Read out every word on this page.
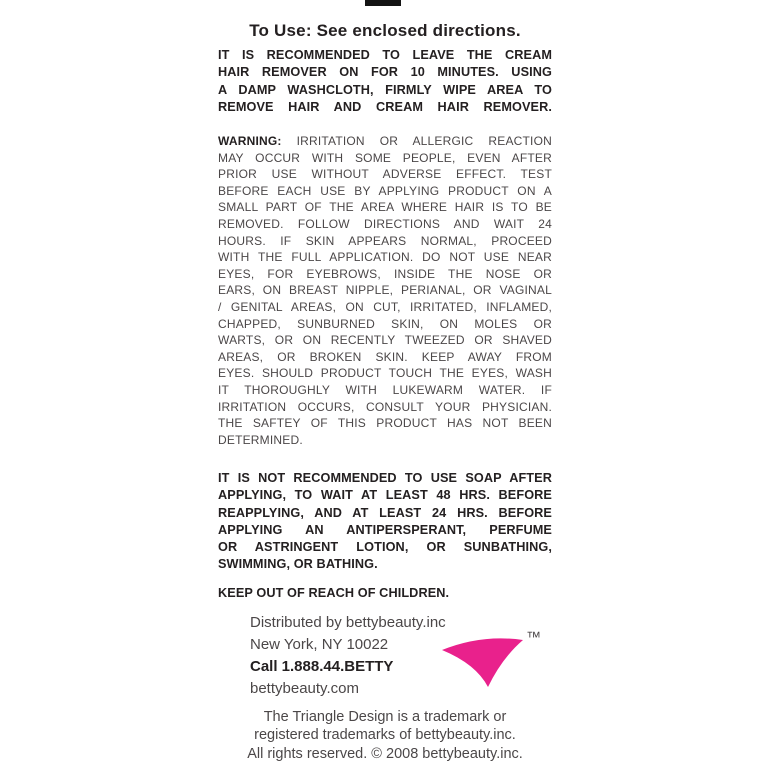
To Use: See enclosed directions.
IT IS RECOMMENDED TO LEAVE THE CREAM
HAIR REMOVER ON FOR 10 MINUTES. USING
A DAMP WASHCLOTH, FIRMLY WIPE AREA TO
REMOVE HAIR AND CREAM HAIR REMOVER.
WARNING: IRRITATION OR ALLERGIC REACTION
MAY OCCUR WITH SOME PEOPLE, EVEN AFTER
PRIOR USE WITHOUT ADVERSE EFFECT. TEST
BEFORE EACH USE BY APPLYING PRODUCT ON A
SMALL PART OF THE AREA WHERE HAIR IS TO BE
REMOVED. FOLLOW DIRECTIONS AND WAIT 24
HOURS. IF SKIN APPEARS NORMAL, PROCEED
WITH THE FULL APPLICATION. DO NOT USE NEAR
EYES, FOR EYEBROWS, INSIDE THE NOSE OR
EARS, ON BREAST NIPPLE, PERIANAL, OR VAGINAL
/ GENITAL AREAS, ON CUT, IRRITATED, INFLAMED,
CHAPPED, SUNBURNED SKIN, ON MOLES OR
WARTS, OR ON RECENTLY TWEEZED OR SHAVED
AREAS, OR BROKEN SKIN. KEEP AWAY FROM
EYES. SHOULD PRODUCT TOUCH THE EYES, WASH
IT THOROUGHLY WITH LUKEWARM WATER. IF
IRRITATION OCCURS, CONSULT YOUR PHYSICIAN.
THE SAFTEY OF THIS PRODUCT HAS NOT BEEN
DETERMINED.
IT IS NOT RECOMMENDED TO USE SOAP AFTER
APPLYING, TO WAIT AT LEAST 48 HRS. BEFORE
REAPPLYING, AND AT LEAST 24 HRS. BEFORE
APPLYING AN ANTIPERSPERANT, PERFUME
OR ASTRINGENT LOTION, OR SUNBATHING,
SWIMMING, OR BATHING.
KEEP OUT OF REACH OF CHILDREN.
Distributed by bettybeauty.inc
New York, NY 10022
Call 1.888.44.BETTY
bettybeauty.com
™
The Triangle Design is a trademark or
registered trademarks of bettybeauty.inc.
All rights reserved. © 2008 bettybeauty.inc.
